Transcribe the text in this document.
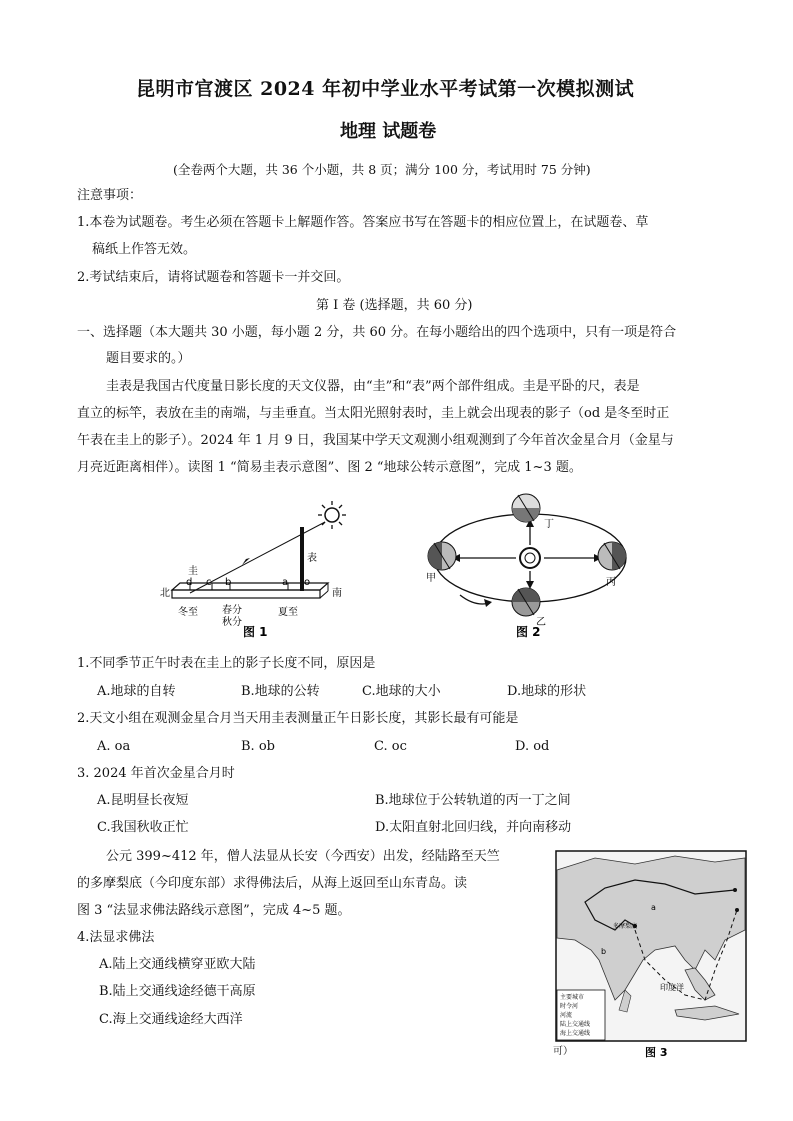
昆明市官渡区 2024 年初中学业水平考试第一次模拟测试
地理 试题卷
(全卷两个大题，共 36 个小题，共 8 页；满分 100 分，考试用时 75 分钟)
注意事项：
1.本卷为试题卷。考生必须在答题卡上解题作答。答案应书写在答题卡的相应位置上，在试题卷、草
稿纸上作答无效。
2.考试结束后，请将试题卷和答题卡一并交回。
第 I 卷 (选择题，共 60 分)
一、选择题（本大题共 30 小题，每小题 2 分，共 60 分。在每小题给出的四个选项中，只有一项是符合
题目要求的。）
圭表是我国古代度量日影长度的天文仪器，由“圭”和“表”两个部件组成。圭是平卧的尺，表是
直立的标竿，表放在圭的南端，与圭垂直。当太阳光照射表时，圭上就会出现表的影子（od 是冬至时正
午表在圭上的影子）。2024 年 1 月 9 日，我国某中学天文观测小组观测到了今年首次金星合月（金星与
月亮近距离相伴）。读图 1 “简易圭表示意图”、图 2 “地球公转示意图”，完成 1~3 题。
圭
表
北	南
d c b	a o
冬至 春分
秋分
夏至
图 1
甲
乙
丙
丁
图 2
1.不同季节正午时表在圭上的影子长度不同，原因是
A.地球的自转	B.地球的公转	C.地球的大小	D.地球的形状
2.天文小组在观测金星合月当天用圭表测量正午日影长度，其影长最有可能是
A. oa	B. ob	C. oc	D. od
3. 2024 年首次金星合月时
A.昆明昼长夜短	B.地球位于公转轨道的丙一丁之间
C.我国秋收正忙	D.太阳直射北回归线，并向南移动
公元 399~412 年，僧人法显从长安（今西安）出发，经陆路至天竺
的多摩梨底（今印度东部）求得佛法后，从海上返回至山东青岛。读
图 3 “法显求佛法路线示意图”，完成 4~5 题。
4.法显求佛法
A.陆上交通线横穿亚欧大陆
B.陆上交通线途经德干高原
C.海上交通线途经大西洋
可）
多摩梨底
印度洋
b
a
主要城市
时令河
河流
陆上交通线
海上交通线
图 3
